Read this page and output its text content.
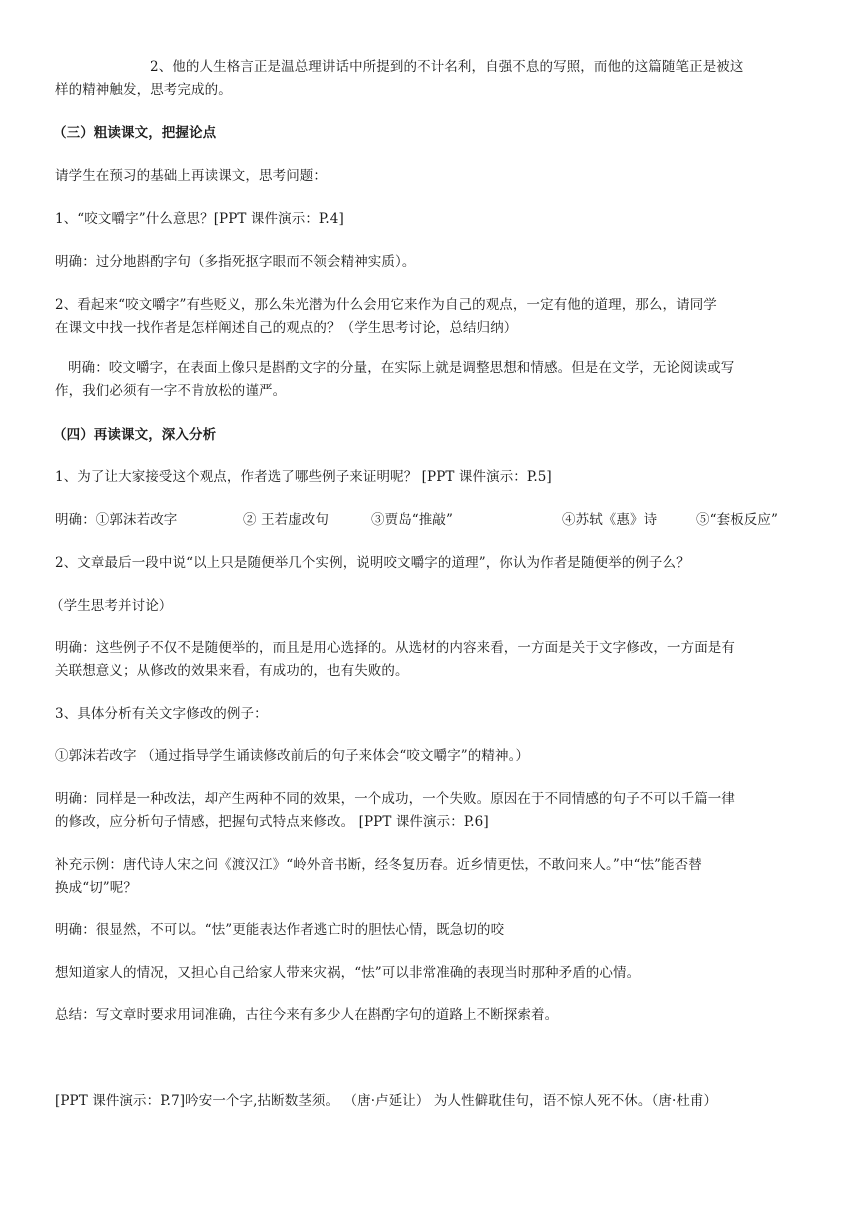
2、他的人生格言正是温总理讲话中所提到的不计名利，自强不息的写照，而他的这篇随笔正是被这
样的精神触发，思考完成的。
（三）粗读课文，把握论点
请学生在预习的基础上再读课文，思考问题：
1、“咬文嚼字”什么意思？[PPT 课件演示：P.4]
明确：过分地斟酌字句（多指死抠字眼而不领会精神实质）。
2、看起来“咬文嚼字”有些贬义，那么朱光潜为什么会用它来作为自己的观点，一定有他的道理，那么，请同学
在课文中找一找作者是怎样阐述自己的观点的？（学生思考讨论，总结归纳）
明确：咬文嚼字，在表面上像只是斟酌文字的分量，在实际上就是调整思想和情感。但是在文学，无论阅读或写
作，我们必须有一字不肯放松的谨严。
（四）再读课文，深入分析
1、为了让大家接受这个观点，作者选了哪些例子来证明呢？ [PPT 课件演示：P.5]
明确：①郭沫若改字	② 王若虚改句	③贾岛“推敲”	④苏轼《惠》诗	⑤“套板反应”
2、文章最后一段中说“以上只是随便举几个实例，说明咬文嚼字的道理”，你认为作者是随便举的例子么？
（学生思考并讨论）
明确：这些例子不仅不是随便举的，而且是用心选择的。从选材的内容来看，一方面是关于文字修改，一方面是有
关联想意义；从修改的效果来看，有成功的，也有失败的。
3、具体分析有关文字修改的例子：
①郭沫若改字 （通过指导学生诵读修改前后的句子来体会“咬文嚼字”的精神。）
明确：同样是一种改法，却产生两种不同的效果，一个成功，一个失败。原因在于不同情感的句子不可以千篇一律
的修改，应分析句子情感，把握句式特点来修改。 [PPT 课件演示：P.6]
补充示例：唐代诗人宋之问《渡汉江》“岭外音书断，经冬复历春。近乡情更怯，不敢问来人。”中“怯”能否替
换成“切”呢？
明确：很显然，不可以。“怯”更能表达作者逃亡时的胆怯心情，既急切的咬
想知道家人的情况，又担心自己给家人带来灾祸，“怯”可以非常准确的表现当时那种矛盾的心情。
总结：写文章时要求用词准确，古往今来有多少人在斟酌字句的道路上不断探索着。
[PPT 课件演示：P.7]吟安一个字,拈断数茎须。 （唐·卢延让） 为人性僻耽佳句，语不惊人死不休。（唐·杜甫）
